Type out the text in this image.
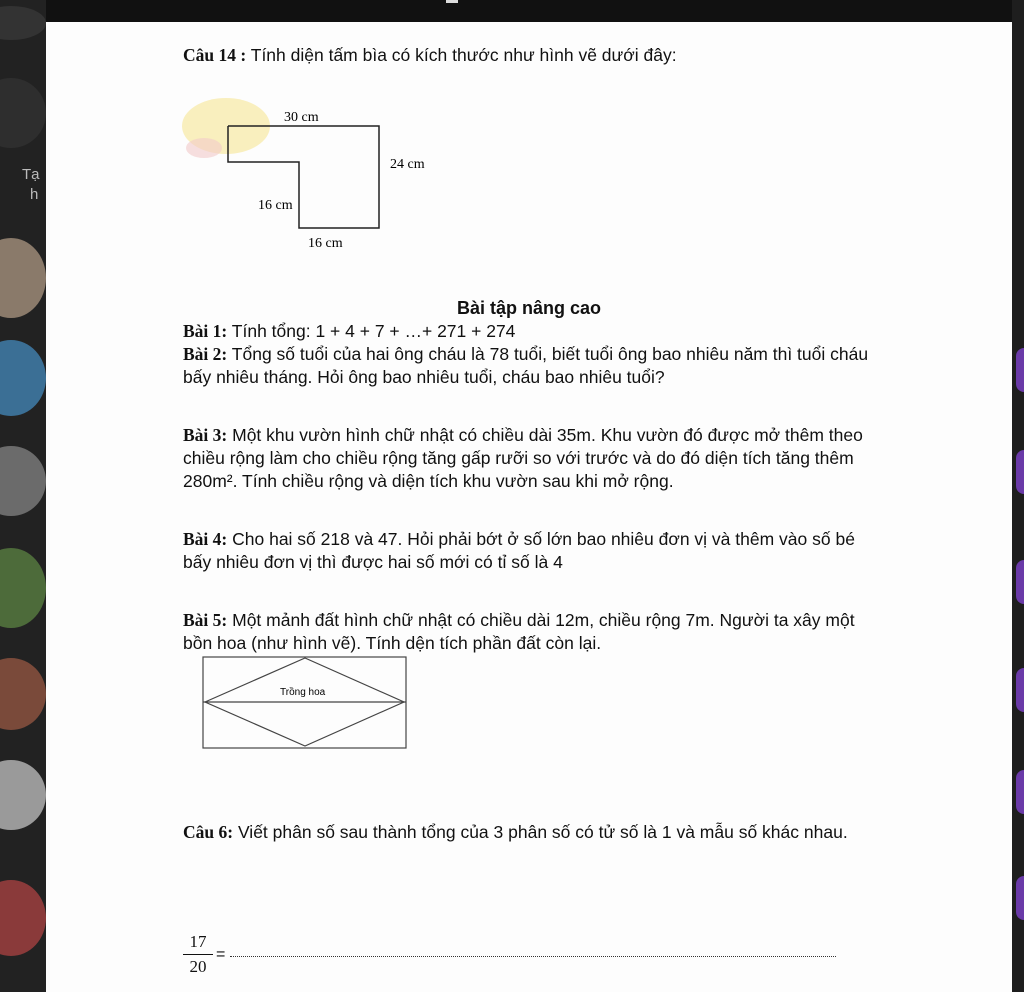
Tạ
h
Câu 14 : Tính diện tấm bìa có kích thước như hình vẽ dưới đây:
30 cm
24 cm
16 cm
16 cm
Bài tập nâng cao
Bài 1: Tính tổng: 1 + 4 + 7 + …+ 271 + 274
Bài 2: Tổng số tuổi của hai ông cháu là 78 tuổi, biết tuổi ông bao nhiêu năm thì tuổi cháu
bấy nhiêu tháng. Hỏi ông bao nhiêu tuổi, cháu bao nhiêu tuổi?
Bài 3: Một khu vườn hình chữ nhật có chiều dài 35m. Khu vườn đó được mở thêm theo
chiều rộng làm cho chiều rộng tăng gấp rưỡi so với trước và do đó diện tích tăng thêm
280m². Tính chiều rộng và diện tích khu vườn sau khi mở rộng.
Bài 4: Cho hai số 218 và 47. Hỏi phải bớt ở số lớn bao nhiêu đơn vị và thêm vào số bé
bấy nhiêu đơn vị thì được hai số mới có tỉ số là 4
Bài 5: Một mảnh đất hình chữ nhật có chiều dài 12m, chiều rộng 7m. Người ta xây một
bồn hoa (như hình vẽ). Tính dện tích phần đất còn lại.
Trồng hoa
Câu 6: Viết phân số sau thành tổng của 3 phân số có tử số là 1 và mẫu số khác nhau.
$\frac{17}{20}$ =
